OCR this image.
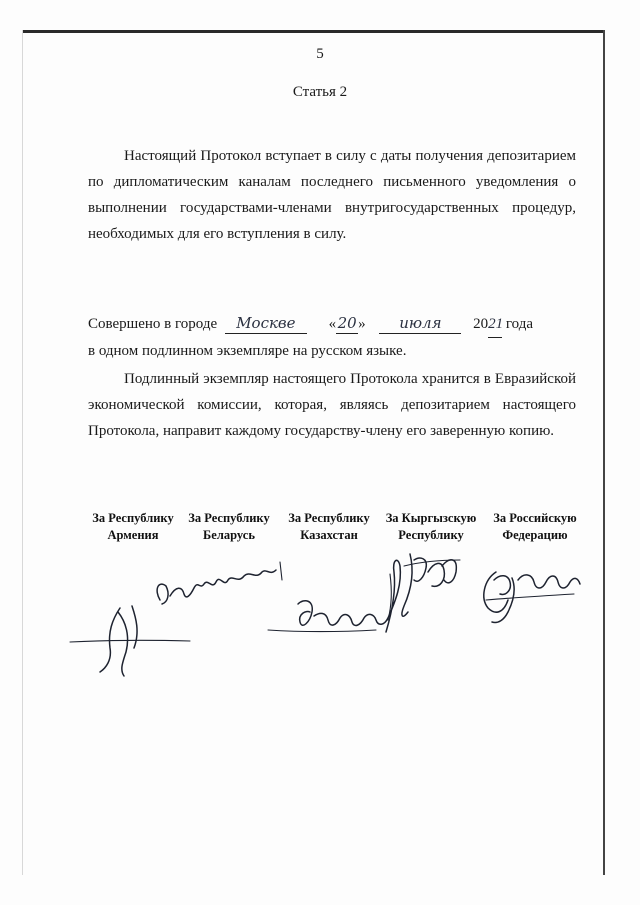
5
Статья 2

Настоящий Протокол вступает в силу с даты получения депозитарием по дипломатическим каналам последнего письменного уведомления о выполнении государствами-членами внутригосударственных процедур, необходимых для его вступления в силу.

Совершено в городе Москве «20» июля 2021 года
в одном подлинном экземпляре на русском языке.

Подлинный экземпляр настоящего Протокола хранится в Евразийской экономической комиссии, которая, являясь депозитарием настоящего Протокола, направит каждому государству-члену его заверенную копию.

За Республику
Армения
За Республику
Беларусь
За Республику
Казахстан
За Кыргызскую
Республику
За Российскую
Федерацию
